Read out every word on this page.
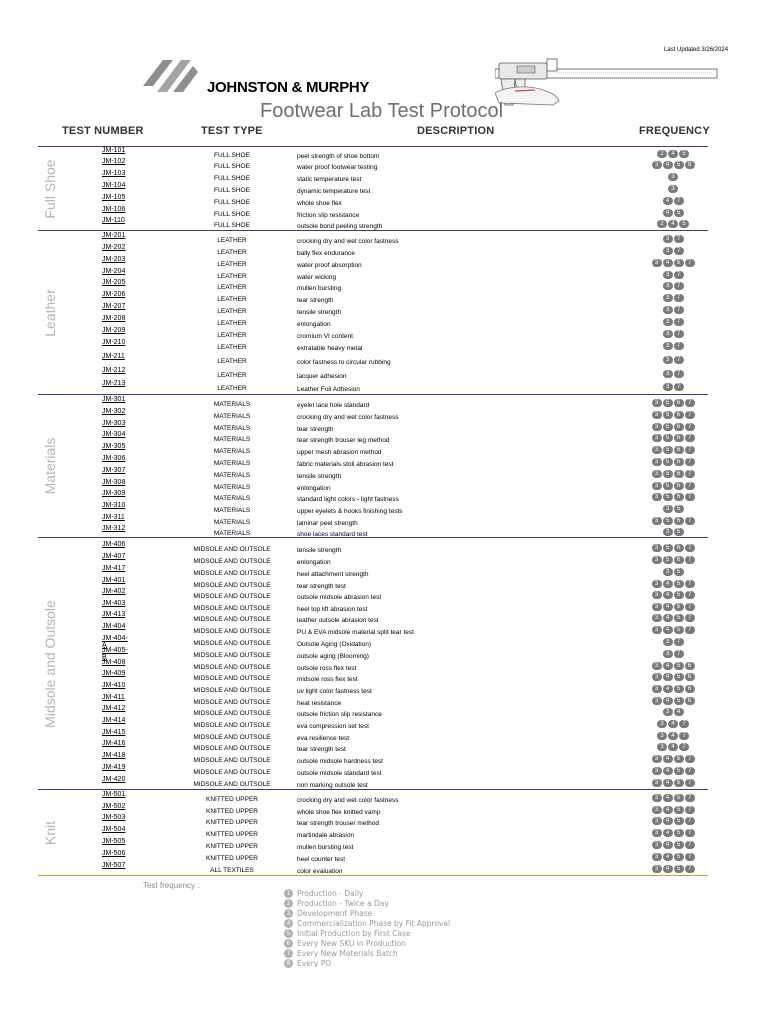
Last Updated 3/26/2024
JOHNSTON & MURPHY
Footwear Lab Test Protocol
TEST NUMBER	TEST TYPE	DESCRIPTION	FREQUENCY
Full Shoe
JM-101
FULL SHOE	peel strength of shoe bottom	2	4	5
JM-102
FULL SHOE	water proof footwear testing	3	4	5	8
JM-103
FULL SHOE	static temperature test	3
JM-104
FULL SHOE	dynamic temperature test	3
JM-105
FULL SHOE	whole shoe flex	4	7
JM-106
FULL SHOE	friction slip resistance	4	5
JM-110
FULL SHOE	outsole bond peeling strength	2	4	5
Leather
JM-201
LEATHER	crocking dry and wet color fastness	3	7
JM-202
LEATHER	bally flex endurance	3	7
JM-203
LEATHER	water proof absorption	3	4	5	7
JM-204
LEATHER	water wicking	3	7
JM-205
LEATHER	mullen bursting	3	7
JM-206
LEATHER	tear strength	3	7
JM-207
LEATHER	tensile strength	3	7
JM-208
LEATHER	enlongation	3	7
JM-209
LEATHER	cromium VI content	3	7
JM-210
LEATHER	extratable heavy metal	3	7
JM-211
LEATHER	color fastness to circular rubbing	3	7
JM-212
LEATHER	lacquer adhesion	3	7
JM-213
LEATHER	Leather Foil Adhesion	3	7
Materials
JM-301
MATERIALS	eyelet lace hole standard	3	5	6	7
JM-302
MATERIALS	crocking dry and wet color fastness	3	5	6	7
JM-303
MATERIALS	tear strength	3	5	6	7
JM-304
MATERIALS	tear strength trouser leg method	3	5	6	7
JM-305
MATERIALS	upper mesh abrasion method	3	5	6	7
JM-306
MATERIALS	fabric materials stoll abrasion test	3	5	6	7
JM-307
MATERIALS	tensile strength	3	5	6	7
JM-308
MATERIALS	enlongation	3	5	6	7
JM-309
MATERIALS	standard light colors - light fastness	3	5	6	7
JM-310
MATERIALS	upper eyelets & hooks finishing tests	3	5
JM-311
MATERIALS	laminar peel strength	3	5	6	7
JM-312
MATERIALS	shoe laces standard test	3	5
Midsole and Outsole
JM-406
MIDSOLE AND OUTSOLE	tensile strength	3	5	6	7
JM-407
MIDSOLE AND OUTSOLE	enlongation	3	5	6	7
JM-417
MIDSOLE AND OUTSOLE	heel attachment strength	3	5
JM-401
MIDSOLE AND OUTSOLE	tear strength test	3	4	5	7
JM-402
MIDSOLE AND OUTSOLE	outsole midsole abrasion test	3	4	5	7
JM-403
MIDSOLE AND OUTSOLE	heel top lift abrasion test	3	4	5	7
JM-413
MIDSOLE AND OUTSOLE	leather outsole abrasion test	3	4	5	7
JM-404
MIDSOLE AND OUTSOLE	PU & EVA midsole material split tear test	3	4	5	7
JM-404-A	MIDSOLE AND OUTSOLE	Outsole Aging (Oxidation)	3	7
JM-405-B	MIDSOLE AND OUTSOLE	outsole aging (Blooming)	3	7
JM-408
MIDSOLE AND OUTSOLE	outsole ross flex test	3	4	5	6
JM-409
MIDSOLE AND OUTSOLE	midsole ross flex test	3	4	5	6
JM-410
MIDSOLE AND OUTSOLE	uv light color fastness test	3	4	5	6
JM-411
MIDSOLE AND OUTSOLE	heat resistance	3	4	5	6
JM-412
MIDSOLE AND OUTSOLE	outsole friction slip resistance	3	4
JM-414
MIDSOLE AND OUTSOLE	eva compression set test	3	4	7
JM-415
MIDSOLE AND OUTSOLE	eva resilience test	3	4	7
JM-416
MIDSOLE AND OUTSOLE	tear strength test	3	4	7
JM-418
MIDSOLE AND OUTSOLE	outsole midsole hardness test	3	4	5	7
JM-419
MIDSOLE AND OUTSOLE	outsole midsole standard test	3	4	5	7
JM-420
MIDSOLE AND OUTSOLE	non marking outsole test	3	4	5	7
Knit
JM-501
KNITTED UPPER	crocking dry and wet color fastness	3	4	5	7
JM-502
KNITTED UPPER	whole shoe flex knitted vamp	3	4	5	7
JM-503
KNITTED UPPER	tear strength trouser method	3	4	5	7
JM-504
KNITTED UPPER	martindale abrasion	3	4	5	7
JM-505
KNITTED UPPER	mullen bursting test	3	4	5	7
JM-506
KNITTED UPPER	heel counter test	3	4	5	7
JM-507
ALL TEXTILES	color evaluation	3	4	5	7
Test frequency :
1 Production - Daily
2 Production - Twice a Day
3 Development Phase
4 Commercialization Phase by Fit Approval
5 Initial Production by First Case
6 Every New SKU in Production
7 Every New Materials Batch
8 Every PO
